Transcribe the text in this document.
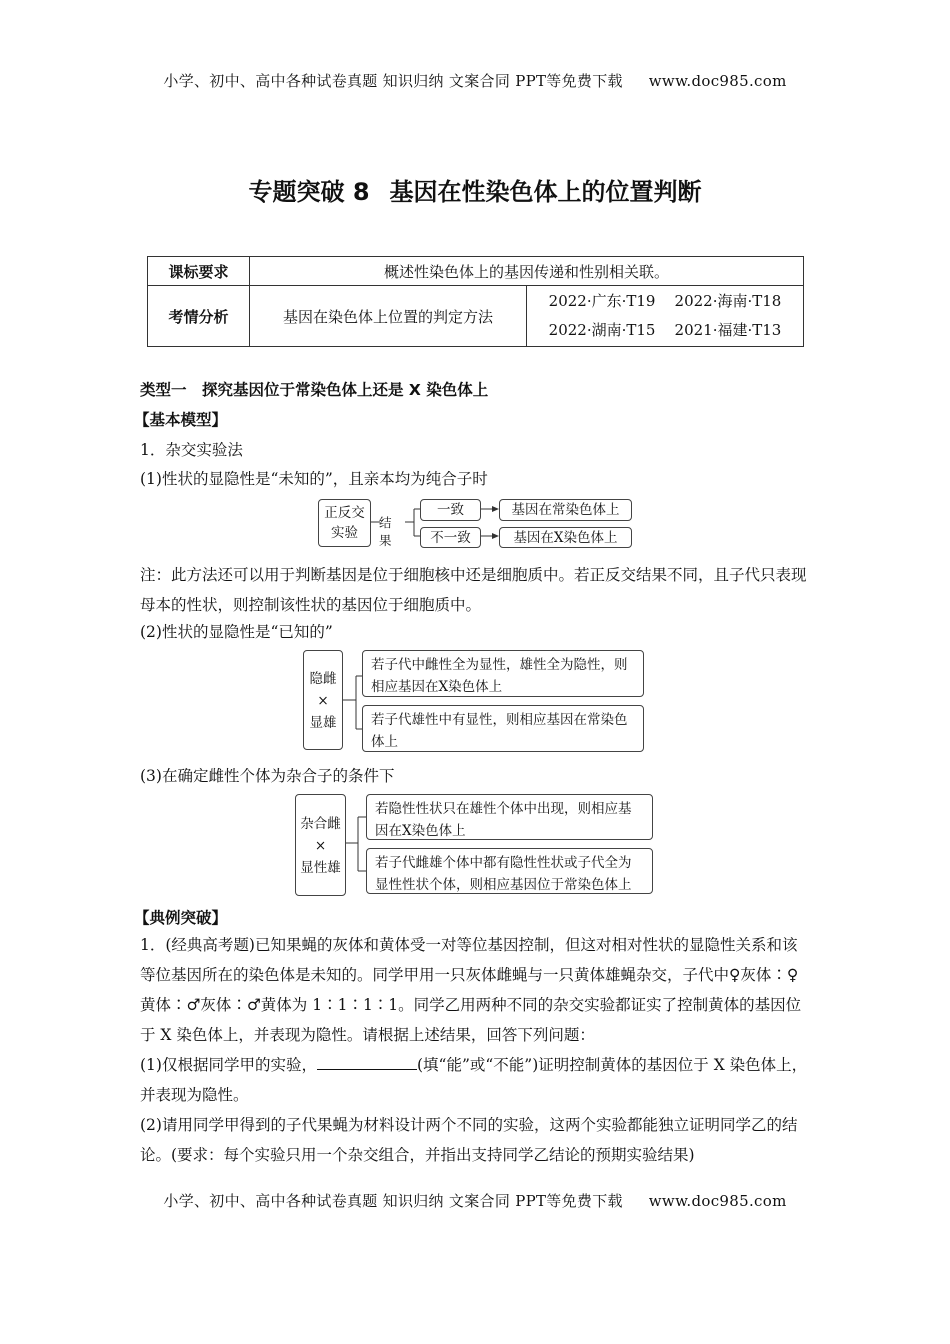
小学、初中、高中各种试卷真题 知识归纳 文案合同 PPT等免费下载 www.doc985.com
专题突破 8 基因在性染色体上的位置判断
课标要求	概述性染色体上的基因传递和性别相关联。	
考情分析	基因在染色体上位置的判定方法	2022·广东·T19    2022·海南·T18
2022·湖南·T15    2021·福建·T13
类型一　探究基因位于常染色体上还是 X 染色体上
【基本模型】
1．杂交实验法
(1)性状的显隐性是“未知的”，且亲本均为纯合子时
正反交
实验
结果
一致
不一致
基因在常染色体上
基因在X染色体上
注：此方法还可以用于判断基因是位于细胞核中还是细胞质中。若正反交结果不同，且子代只表现母本的性状，则控制该性状的基因位于细胞质中。
(2)性状的显隐性是“已知的”
隐雌
×
显雄
若子代中雌性全为显性，雄性全为隐性，则相应基因在X染色体上
若子代雄性中有显性，则相应基因在常染色体上
(3)在确定雌性个体为杂合子的条件下
杂合雌
×
显性雄
若隐性性状只在雄性个体中出现，则相应基因在X染色体上
若子代雌雄个体中都有隐性性状或子代全为显性性状个体，则相应基因位于常染色体上
【典例突破】
1．(经典高考题)已知果蝇的灰体和黄体受一对等位基因控制，但这对相对性状的显隐性关系和该等位基因所在的染色体是未知的。同学甲用一只灰体雌蝇与一只黄体雄蝇杂交，子代中♀灰体∶♀黄体∶♂灰体∶♂黄体为 1∶1∶1∶1。同学乙用两种不同的杂交实验都证实了控制黄体的基因位于 X 染色体上，并表现为隐性。请根据上述结果，回答下列问题：
(1)仅根据同学甲的实验，	(填“能”或“不能”)证明控制黄体的基因位于 X 染色体上，并表现为隐性。
(2)请用同学甲得到的子代果蝇为材料设计两个不同的实验，这两个实验都能独立证明同学乙的结论。(要求：每个实验只用一个杂交组合，并指出支持同学乙结论的预期实验结果)
小学、初中、高中各种试卷真题 知识归纳 文案合同 PPT等免费下载 www.doc985.com
